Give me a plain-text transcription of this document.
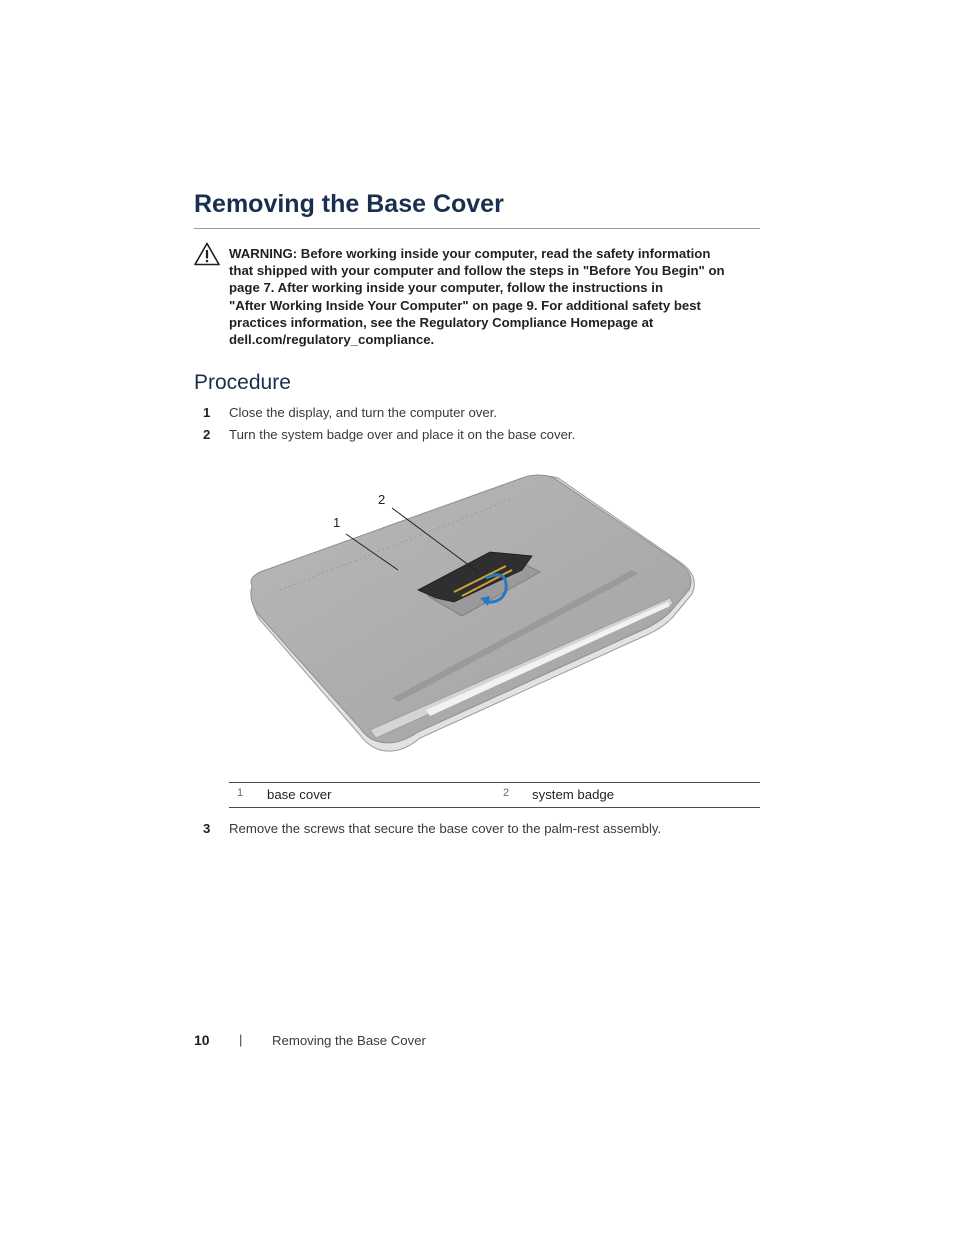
Removing the Base Cover
WARNING: Before working inside your computer, read the safety information
that shipped with your computer and follow the steps in "Before You Begin" on
page 7. After working inside your computer, follow the instructions in
"After Working Inside Your Computer" on page 9. For additional safety best
practices information, see the Regulatory Compliance Homepage at
dell.com/regulatory_compliance.
Procedure
1	Close the display, and turn the computer over.
2	Turn the system badge over and place it on the base cover.
1
2
1 base cover	2 system badge
3	Remove the screws that secure the base cover to the palm-rest assembly.
10 | Removing the Base Cover
